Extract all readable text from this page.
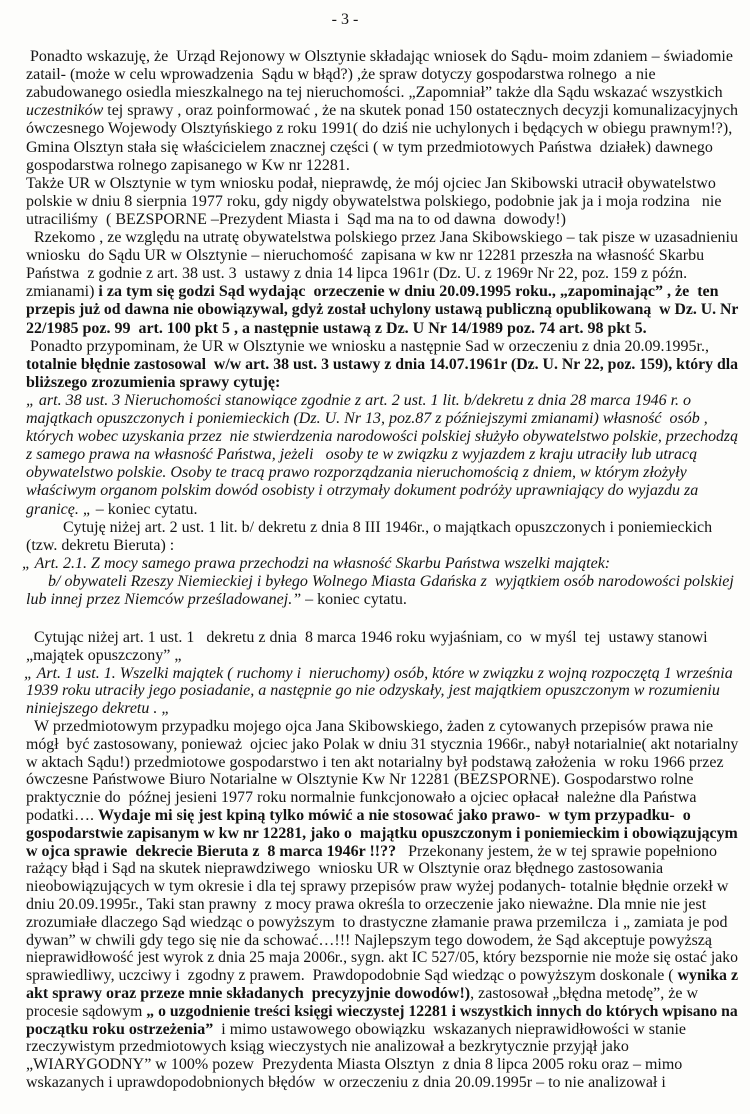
- 3 -
Ponadto wskazuję, że  Urząd Rejonowy w Olsztynie składając wniosek do Sądu- moim zdaniem – świadomie
zatail- (może w celu wprowadzenia  Sądu w błąd?) ,że spraw dotyczy gospodarstwa rolnego  a nie
zabudowanego osiedla mieszkalnego na tej nieruchomości. „Zapomniał” także dla Sądu wskazać wszystkich
uczestników tej sprawy , oraz poinformować , że na skutek ponad 150 ostatecznych decyzji komunalizacyjnych
ówczesnego Wojewody Olsztyńskiego z roku 1991( do dziś nie uchylonych i będących w obiegu prawnym!?),
Gmina Olsztyn stała się właścicielem znacznej części ( w tym przedmiotowych Państwa  działek) dawnego
gospodarstwa rolnego zapisanego w Kw nr 12281.
Także UR w Olsztynie w tym wniosku podał, nieprawdę, że mój ojciec Jan Skibowski utracił obywatelstwo
polskie w dniu 8 sierpnia 1977 roku, gdy nigdy obywatelstwa polskiego, podobnie jak ja i moja rodzina   nie
utraciliśmy  ( BEZSPORNE –Prezydent Miasta i  Sąd ma na to od dawna  dowody!)
Rzekomo , ze względu na utratę obywatelstwa polskiego przez Jana Skibowskiego – tak pisze w uzasadnieniu
wniosku  do Sądu UR w Olsztynie – nieruchomość  zapisana w kw nr 12281 przeszła na własność Skarbu
Państwa  z godnie z art. 38 ust. 3  ustawy z dnia 14 lipca 1961r (Dz. U. z 1969r Nr 22, poz. 159 z późn.
zmianami) i za tym się godzi Sąd wydając  orzeczenie w dniu 20.09.1995 roku., „zapominając” , że  ten
przepis już od dawna nie obowiązywal, gdyż został uchylony ustawą publiczną opublikowaną  w Dz. U. Nr
22/1985 poz. 99  art. 100 pkt 5 , a następnie ustawą z Dz. U Nr 14/1989 poz. 74 art. 98 pkt 5.
Ponadto przypominam, że UR w Olsztynie we wniosku a następnie Sad w orzeczeniu z dnia 20.09.1995r.,
totalnie błędnie zastosowal  w/w art. 38 ust. 3 ustawy z dnia 14.07.1961r (Dz. U. Nr 22, poz. 159), który dla
bliższego zrozumienia sprawy cytuję:
„ art. 38 ust. 3 Nieruchomości stanowiące zgodnie z art. 2 ust. 1 lit. b/dekretu z dnia 28 marca 1946 r. o
majątkach opuszczonych i poniemieckich (Dz. U. Nr 13, poz.87 z późniejszymi zmianami) własność  osób ,
których wobec uzyskania przez  nie stwierdzenia narodowości polskiej służyło obywatelstwo polskie, przechodzą
z samego prawa na własność Państwa, jeżeli   osoby te w związku z wyjazdem z kraju utraciły lub utracą
obywatelstwo polskie. Osoby te tracą prawo rozporządzania nieruchomością z dniem, w którym złożyły
właściwym organom polskim dowód osobisty i otrzymały dokument podróży uprawniający do wyjazdu za
granicę. „ – koniec cytatu.
Cytuję niżej art. 2 ust. 1 lit. b/ dekretu z dnia 8 III 1946r., o majątkach opuszczonych i poniemieckich
(tzw. dekretu Bieruta) :
„ Art. 2.1. Z mocy samego prawa przechodzi na własność Skarbu Państwa wszelki majątek:
b/ obywateli Rzeszy Niemieckiej i byłego Wolnego Miasta Gdańska z  wyjątkiem osób narodowości polskiej
lub innej przez Niemców prześladowanej.” – koniec cytatu.
Cytując niżej art. 1 ust. 1   dekretu z dnia  8 marca 1946 roku wyjaśniam, co  w myśl  tej  ustawy stanowi
„majątek opuszczony” „
„ Art. 1 ust. 1. Wszelki majątek ( ruchomy i  nieruchomy) osób, które w związku z wojną rozpoczętą 1 września
1939 roku utraciły jego posiadanie, a następnie go nie odzyskały, jest majątkiem opuszczonym w rozumieniu
niniejszego dekretu . „
W przedmiotowym przypadku mojego ojca Jana Skibowskiego, żaden z cytowanych przepisów prawa nie
mógł  być zastosowany, ponieważ  ojciec jako Polak w dniu 31 stycznia 1966r., nabył notarialnie( akt notarialny
w aktach Sądu!) przedmiotowe gospodarstwo i ten akt notarialny był podstawą założenia  w roku 1966 przez
ówczesne Państwowe Biuro Notarialne w Olsztynie Kw Nr 12281 (BEZSPORNE). Gospodarstwo rolne
praktycznie do  późnej jesieni 1977 roku normalnie funkcjonowało a ojciec opłacał  należne dla Państwa
podatki…. Wydaje mi się jest kpiną tylko mówić a nie stosować jako prawo-  w tym przypadku-  o
gospodarstwie zapisanym w kw nr 12281, jako o  majątku opuszczonym i poniemieckim i obowiązującym
w ojca sprawie  dekrecie Bieruta z  8 marca 1946r !!??   Przekonany jestem, że w tej sprawie popełniono
rażący błąd i Sąd na skutek nieprawdziwego  wniosku UR w Olsztynie oraz błędnego zastosowania
nieobowiązujących w tym okresie i dla tej sprawy przepisów praw wyżej podanych- totalnie błędnie orzekł w
dniu 20.09.1995r., Taki stan prawny  z mocy prawa określa to orzeczenie jako nieważne. Dla mnie nie jest
zrozumiałe dlaczego Sąd wiedząc o powyższym  to drastyczne złamanie prawa przemilcza  i „ zamiata je pod
dywan” w chwili gdy tego się nie da schować…!!! Najlepszym tego dowodem, że Sąd akceptuje powyższą
nieprawidłowość jest wyrok z dnia 25 maja 2006r., sygn. akt IC 527/05, który bezspornie nie może się ostać jako
sprawiedliwy, uczciwy i  zgodny z prawem.  Prawdopodobnie Sąd wiedząc o powyższym doskonale ( wynika z
akt sprawy oraz przeze mnie składanych  precyzyjnie dowodów!), zastosował „błędna metodę”, że w
procesie sądowym „ o uzgodnienie treści księgi wieczystej 12281 i wszystkich innych do których wpisano na
początku roku ostrzeżenia”  i mimo ustawowego obowiązku  wskazanych nieprawidłowości w stanie
rzeczywistym przedmiotowych ksiąg wieczystych nie analizował a bezkrytycznie przyjął jako
„WIARYGODNY” w 100% pozew  Prezydenta Miasta Olsztyn  z dnia 8 lipca 2005 roku oraz – mimo
wskazanych i uprawdopodobnionych błędów  w orzeczeniu z dnia 20.09.1995r – to nie analizował i
